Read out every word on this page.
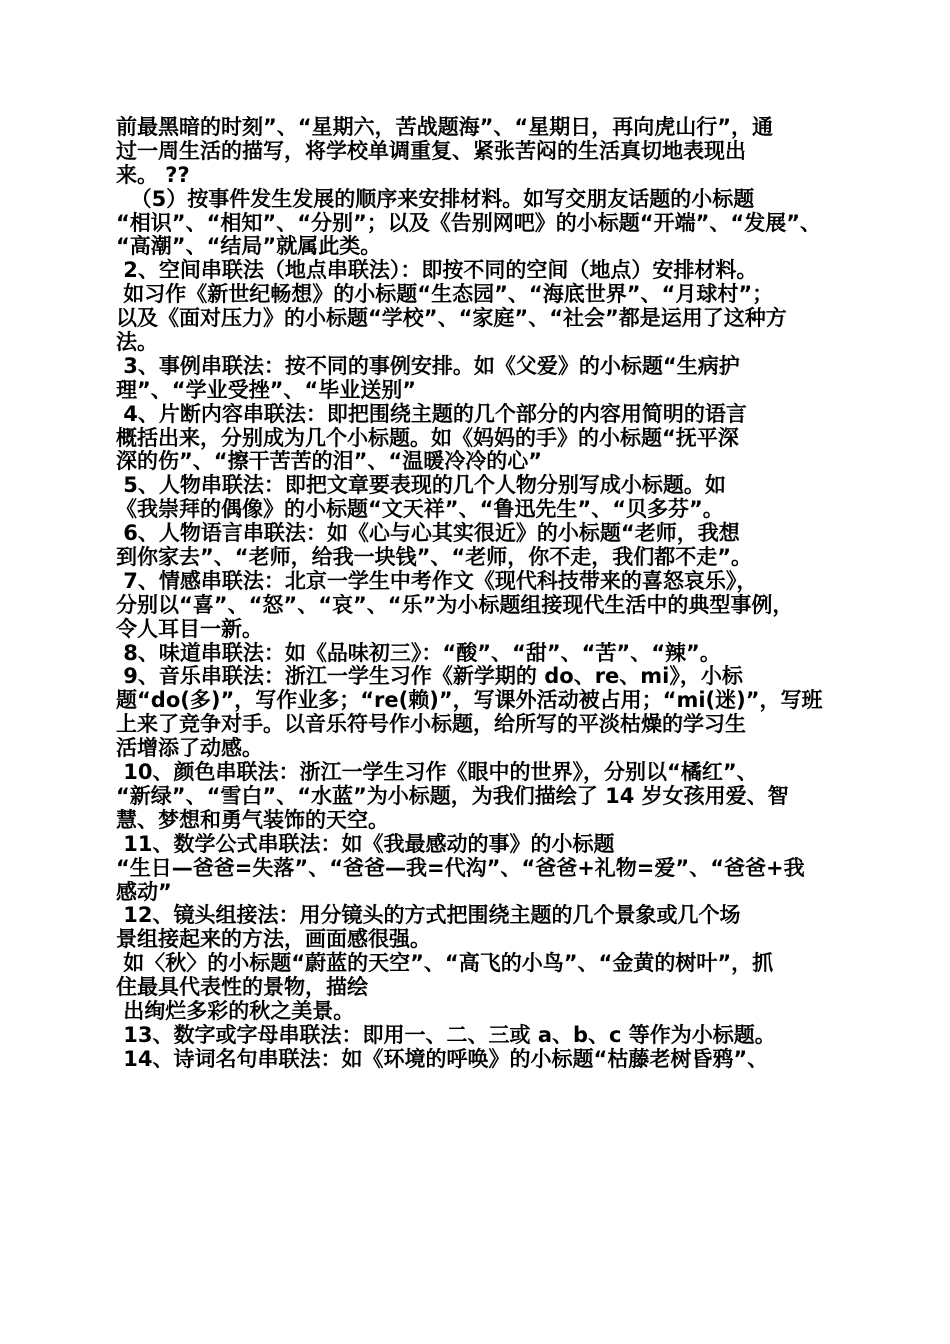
前最黑暗的时刻”、“星期六，苦战题海”、“星期日，再向虎山行”，通
过一周生活的描写，将学校单调重复、紧张苦闷的生活真切地表现出
来。 ??
（5）按事件发生发展的顺序来安排材料。如写交朋友话题的小标题
“相识”、“相知”、“分别”；以及《告别网吧》的小标题“开端”、“发展”、
“高潮”、“结局”就属此类。
2、空间串联法（地点串联法）：即按不同的空间（地点）安排材料。
如习作《新世纪畅想》的小标题“生态园”、“海底世界”、“月球村”；
以及《面对压力》的小标题“学校”、“家庭”、“社会”都是运用了这种方
法。
3、事例串联法：按不同的事例安排。如《父爱》的小标题“生病护
理”、“学业受挫”、“毕业送别”
4、片断内容串联法：即把围绕主题的几个部分的内容用简明的语言
概括出来，分别成为几个小标题。如《妈妈的手》的小标题“抚平深
深的伤”、“擦干苦苦的泪”、“温暖冷冷的心”
5、人物串联法：即把文章要表现的几个人物分别写成小标题。如
《我崇拜的偶像》的小标题“文天祥”、“鲁迅先生”、“贝多芬”。
6、人物语言串联法：如《心与心其实很近》的小标题“老师，我想
到你家去”、“老师，给我一块钱”、“老师，你不走，我们都不走”。
7、情感串联法：北京一学生中考作文《现代科技带来的喜怒哀乐》，
分别以“喜”、“怒”、“哀”、“乐”为小标题组接现代生活中的典型事例，
令人耳目一新。
8、味道串联法：如《品味初三》：“酸”、“甜”、“苦”、“辣”。
9、音乐串联法：浙江一学生习作《新学期的 do、re、mi》，小标
题“do(多)”，写作业多；“re(赖)”，写课外活动被占用；“mi(迷)”，写班
上来了竞争对手。以音乐符号作小标题，给所写的平淡枯燥的学习生
活增添了动感。
10、颜色串联法：浙江一学生习作《眼中的世界》，分别以“橘红”、
“新绿”、“雪白”、“水蓝”为小标题，为我们描绘了 14 岁女孩用爱、智
慧、梦想和勇气装饰的天空。
11、数学公式串联法：如《我最感动的事》的小标题
“生日—爸爸=失落”、“爸爸—我=代沟”、“爸爸+礼物=爱”、“爸爸+我
感动”
12、镜头组接法：用分镜头的方式把围绕主题的几个景象或几个场
景组接起来的方法，画面感很强。
如〈秋〉的小标题“蔚蓝的天空”、“高飞的小鸟”、“金黄的树叶”，抓
住最具代表性的景物，描绘
出绚烂多彩的秋之美景。
13、数字或字母串联法：即用一、二、三或 a、b、c 等作为小标题。
14、诗词名句串联法：如《环境的呼唤》的小标题“枯藤老树昏鸦”、
